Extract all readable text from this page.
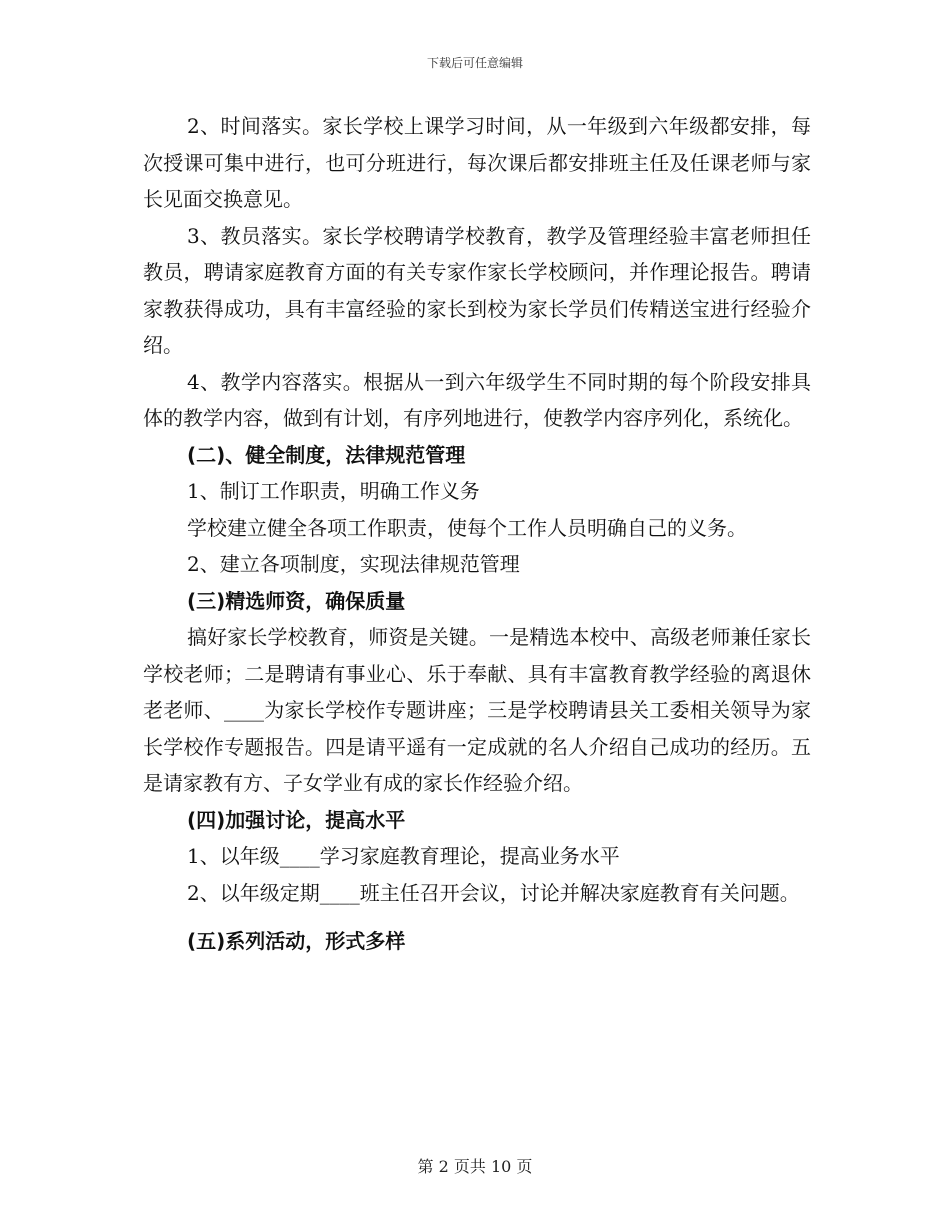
下载后可任意编辑

2、时间落实。家长学校上课学习时间，从一年级到六年级都安排，每次授课可集中进行，也可分班进行，每次课后都安排班主任及任课老师与家长见面交换意见。

3、教员落实。家长学校聘请学校教育，教学及管理经验丰富老师担任教员，聘请家庭教育方面的有关专家作家长学校顾问，并作理论报告。聘请家教获得成功，具有丰富经验的家长到校为家长学员们传精送宝进行经验介绍。

4、教学内容落实。根据从一到六年级学生不同时期的每个阶段安排具体的教学内容，做到有计划，有序列地进行，使教学内容序列化，系统化。

(二)、健全制度，法律规范管理

1、制订工作职责，明确工作义务

学校建立健全各项工作职责，使每个工作人员明确自己的义务。

2、建立各项制度，实现法律规范管理

(三)精选师资，确保质量

搞好家长学校教育，师资是关键。一是精选本校中、高级老师兼任家长学校老师；二是聘请有事业心、乐于奉献、具有丰富教育教学经验的离退休老老师、____为家长学校作专题讲座；三是学校聘请县关工委相关领导为家长学校作专题报告。四是请平遥有一定成就的名人介绍自己成功的经历。五是请家教有方、子女学业有成的家长作经验介绍。

(四)加强讨论，提高水平

1、以年级____学习家庭教育理论，提高业务水平

2、以年级定期____班主任召开会议，讨论并解决家庭教育有关问题。

(五)系列活动，形式多样

第 2 页共 10 页
